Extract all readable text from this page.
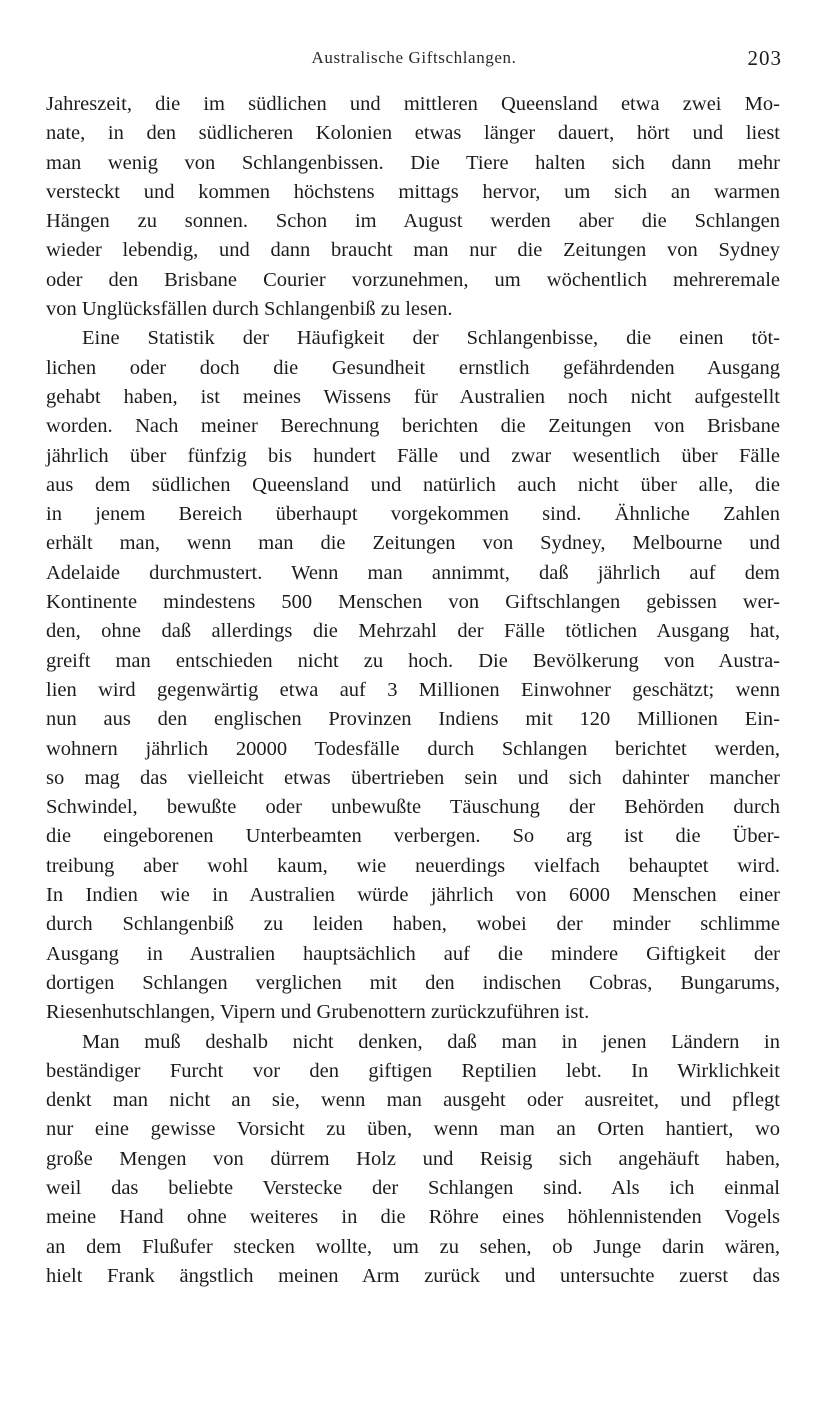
Australische Giftschlangen.	203
Jahreszeit, die im südlichen und mittleren Queensland etwa zwei Mo-
nate, in den südlicheren Kolonien etwas länger dauert, hört und liest
man wenig von Schlangenbissen. Die Tiere halten sich dann mehr
versteckt und kommen höchstens mittags hervor, um sich an warmen
Hängen zu sonnen. Schon im August werden aber die Schlangen
wieder lebendig, und dann braucht man nur die Zeitungen von Sydney
oder den Brisbane Courier vorzunehmen, um wöchentlich mehreremale
von Unglücksfällen durch Schlangenbiß zu lesen.
Eine Statistik der Häufigkeit der Schlangenbisse, die einen töt-
lichen oder doch die Gesundheit ernstlich gefährdenden Ausgang
gehabt haben, ist meines Wissens für Australien noch nicht aufgestellt
worden. Nach meiner Berechnung berichten die Zeitungen von Brisbane
jährlich über fünfzig bis hundert Fälle und zwar wesentlich über Fälle
aus dem südlichen Queensland und natürlich auch nicht über alle, die
in jenem Bereich überhaupt vorgekommen sind. Ähnliche Zahlen
erhält man, wenn man die Zeitungen von Sydney, Melbourne und
Adelaide durchmustert. Wenn man annimmt, daß jährlich auf dem
Kontinente mindestens 500 Menschen von Giftschlangen gebissen wer-
den, ohne daß allerdings die Mehrzahl der Fälle tötlichen Ausgang hat,
greift man entschieden nicht zu hoch. Die Bevölkerung von Austra-
lien wird gegenwärtig etwa auf 3 Millionen Einwohner geschätzt; wenn
nun aus den englischen Provinzen Indiens mit 120 Millionen Ein-
wohnern jährlich 20000 Todesfälle durch Schlangen berichtet werden,
so mag das vielleicht etwas übertrieben sein und sich dahinter mancher
Schwindel, bewußte oder unbewußte Täuschung der Behörden durch
die eingeborenen Unterbeamten verbergen. So arg ist die Über-
treibung aber wohl kaum, wie neuerdings vielfach behauptet wird.
In Indien wie in Australien würde jährlich von 6000 Menschen einer
durch Schlangenbiß zu leiden haben, wobei der minder schlimme
Ausgang in Australien hauptsächlich auf die mindere Giftigkeit der
dortigen Schlangen verglichen mit den indischen Cobras, Bungarums,
Riesenhutschlangen, Vipern und Grubenottern zurückzuführen ist.
Man muß deshalb nicht denken, daß man in jenen Ländern in
beständiger Furcht vor den giftigen Reptilien lebt. In Wirklichkeit
denkt man nicht an sie, wenn man ausgeht oder ausreitet, und pflegt
nur eine gewisse Vorsicht zu üben, wenn man an Orten hantiert, wo
große Mengen von dürrem Holz und Reisig sich angehäuft haben,
weil das beliebte Verstecke der Schlangen sind. Als ich einmal
meine Hand ohne weiteres in die Röhre eines höhlennistenden Vogels
an dem Flußufer stecken wollte, um zu sehen, ob Junge darin wären,
hielt Frank ängstlich meinen Arm zurück und untersuchte zuerst das
